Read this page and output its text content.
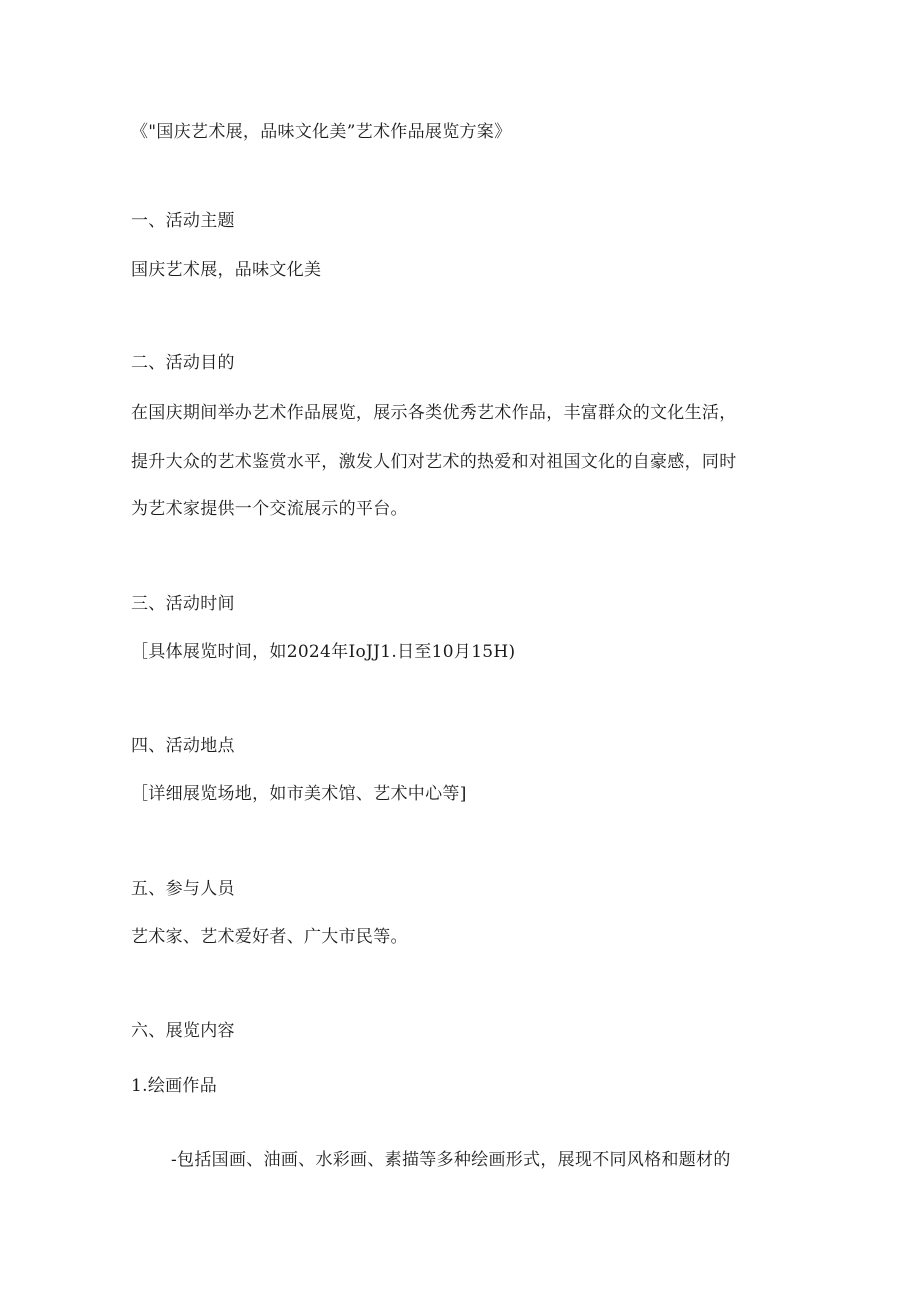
《"国庆艺术展，品味文化美”艺术作品展览方案》
一、活动主题
国庆艺术展，品味文化美
二、活动目的
在国庆期间举办艺术作品展览，展示各类优秀艺术作品，丰富群众的文化生活，
提升大众的艺术鉴赏水平，激发人们对艺术的热爱和对祖国文化的自豪感，同时
为艺术家提供一个交流展示的平台。
三、活动时间
［具体展览时间，如2024年IoJJ1.日至10月15H)
四、活动地点
［详细展览场地，如市美术馆、艺术中心等]
五、参与人员
艺术家、艺术爱好者、广大市民等。
六、展览内容
1.绘画作品
-包括国画、油画、水彩画、素描等多种绘画形式，展现不同风格和题材的
